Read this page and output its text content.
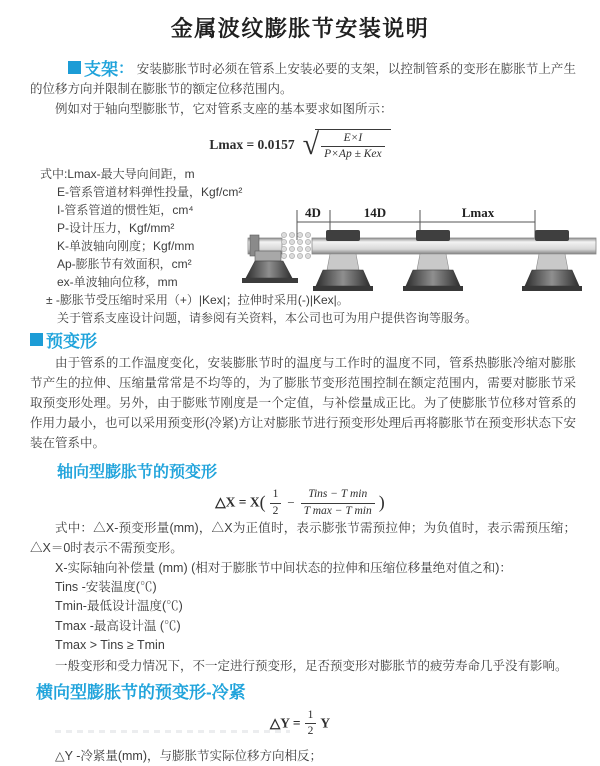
金属波纹膨胀节安装说明

支架： 安装膨胀节时必须在管系上安装必要的支架，以控制管系的变形在膨胀节上产生的位移方向并限制在膨胀节的额定位移范围内。

例如对于轴向型膨胀节，它对管系支座的基本要求如图所示：

Lmax = 0.0157 √ $\frac{E\times I}{\text{P×Ap ± Kex}}$
式中:Lmax-最大导向间距，m
E-管系管道材料弹性投量，Kgf/cm²
I-管系管道的惯性矩，cm⁴
P-设计压力，Kgf/mm²
K-单波轴向刚度；Kgf/mm
Ap-膨胀节有效面积，cm²
ex-单波轴向位移，mm
± -膨胀节受压缩时采用（+）|Kex|；拉伸时采用(-)|Kex|。
关于管系支座设计问题，请参阅有关资料，本公司也可为用户提供咨询等服务。
4D	14D	Lmax
预变形

由于管系的工作温度变化，安装膨胀节时的温度与工作时的温度不同，管系热膨胀冷缩对膨胀节产生的拉伸、压缩量常常是不均等的，为了膨胀节变形范围控制在额定范围内，需要对膨胀节采取预变形处理。另外，由于膨账节刚度是一个定值，与补偿量成正比。为了使膨胀节位移对管系的作用力最小，也可以采用预变形(冷紧)方让对膨胀节进行预变形处理后再将膨胀节在预变形状态下安装在管系中。

轴向型膨胀节的预变形
△X = $X( \frac{1}{2} - \frac{\text{Tins − T min}}{\text{T max − T min}}$ )

式中：△X-预变形量(mm)，△X为正值时，表示膨张节需预拉伸；为负值时，表示需预压缩；△X＝0时表示不需预变形。

X-实际轴向补偿量 (mm) (相对于膨胀节中间状态的拉伸和压缩位移量绝对值之和)：

Tins -安装温度(℃)
Tmin-最低设计温度(℃)
Tmax -最高设计温 (℃)
Tmax > Tins ≥ Tmin

一般变形和受力情况下，不一定进行预变形，足否预变形对膨胀节的疲劳寿命几乎没有影响。

横向型膨胀节的预变形-冷紧
△Y = $\frac{1}{2}$ Y

△Y -冷紧量(mm)，与膨胀节实际位移方向相反；
